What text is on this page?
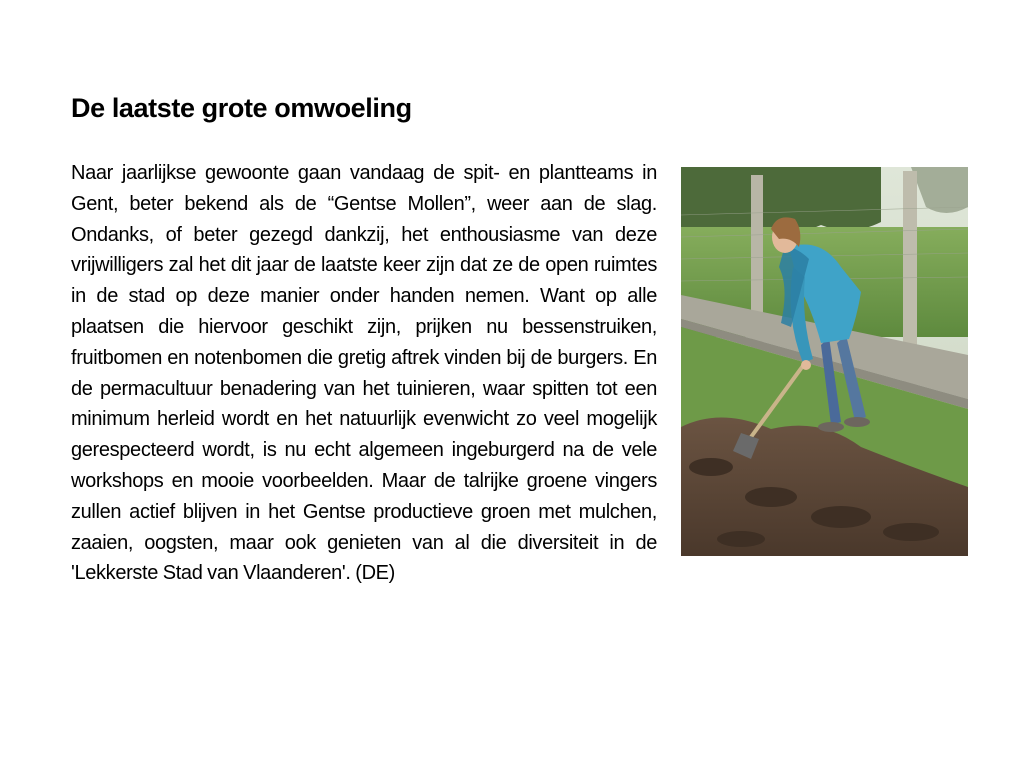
De laatste grote omwoeling

Naar jaarlijkse gewoonte gaan vandaag de spit- en plantteams in Gent, beter bekend als de “Gentse Mollen”, weer aan de slag. Ondanks, of beter gezegd dankzij, het enthousiasme van deze vrijwilligers zal het dit jaar de laatste keer zijn dat ze de open ruimtes in de stad op deze manier onder handen nemen. Want op alle plaatsen die hiervoor geschikt zijn, prijken nu bessenstruiken, fruitbomen en notenbomen die gretig aftrek vinden bij de burgers. En de permacultuur benadering van het tuinieren, waar spitten tot een minimum herleid wordt en het natuurlijk evenwicht zo veel mogelijk gerespecteerd wordt, is nu echt algemeen ingeburgerd na de vele workshops en mooie voorbeelden. Maar de talrijke groene vingers zullen actief blijven in het Gentse productieve groen met mulchen, zaaien, oogsten, maar ook genieten van al die diversiteit in de 'Lekkerste Stad van Vlaanderen'. (DE)
